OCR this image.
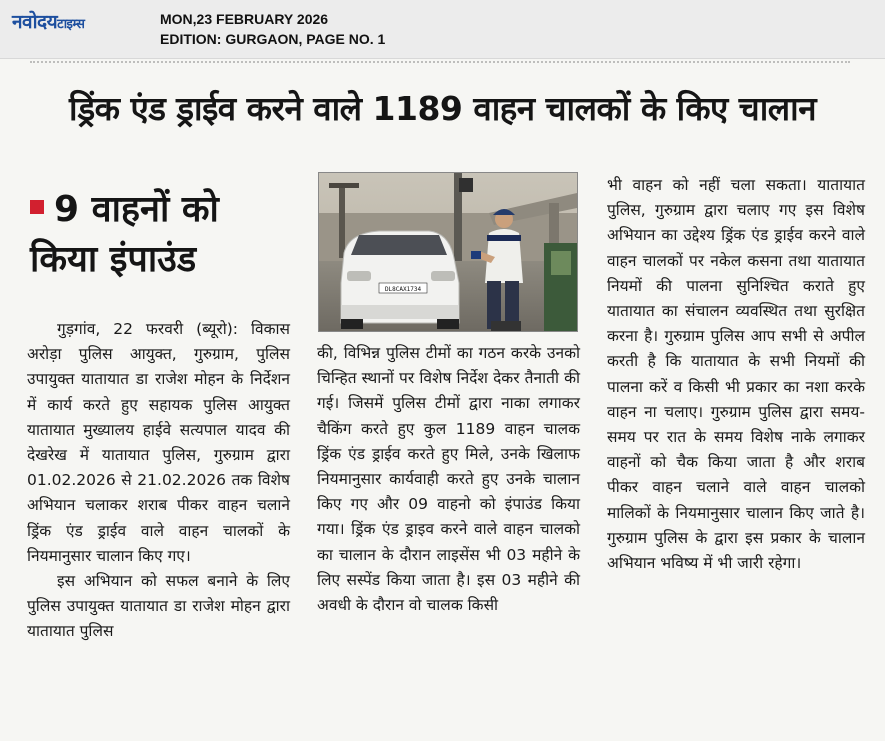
नवोदयटाइम्स	MON,23 FEBRUARY 2026
EDITION: GURGAON, PAGE NO. 1
ड्रिंक एंड ड्राईव करने वाले 1189 वाहन चालकों के किए चालान
9 वाहनों को
किया इंपाउंड

गुड़गांव, 22 फरवरी (ब्यूरो): विकास अरोड़ा पुलिस आयुक्त, गुरुग्राम, पुलिस उपायुक्त यातायात डा राजेश मोहन के निर्देशन में कार्य करते हुए सहायक पुलिस आयुक्त यातायात मुख्यालय हाईवे सत्यपाल यादव की देखरेख में यातायात पुलिस, गुरुग्राम द्वारा 01.02.2026 से 21.02.2026 तक विशेष अभियान चलाकर शराब पीकर वाहन चलाने ड्रिंक एंड ड्राईव वाले वाहन चालकों के नियमानुसार चालान किए गए।

इस अभियान को सफल बनाने के लिए पुलिस उपायुक्त यातायात डा राजेश मोहन द्वारा यातायात पुलिस

DL8CAX1734

की, विभिन्न पुलिस टीमों का गठन करके उनको चिन्हित स्थानों पर विशेष निर्देश देकर तैनाती की गई। जिसमें पुलिस टीमों द्वारा नाका लगाकर चैकिंग करते हुए कुल 1189 वाहन चालक ड्रिंक एंड ड्राईव करते हुए मिले, उनके खिलाफ नियमानुसार कार्यवाही करते हुए उनके चालान किए गए और 09 वाहनो को इंपाउंड किया गया। ड्रिंक एंड ड्राइव करने वाले वाहन चालको का चालान के दौरान लाइसेंस भी 03 महीने के लिए सस्पेंड किया जाता है। इस 03 महीने की अवधी के दौरान वो चालक किसी

भी वाहन को नहीं चला सकता। यातायात पुलिस, गुरुग्राम द्वारा चलाए गए इस विशेष अभियान का उद्देश्य ड्रिंक एंड ड्राईव करने वाले वाहन चालकों पर नकेल कसना तथा यातायात नियमों की पालना सुनिश्चित कराते हुए यातायात का संचालन व्यवस्थित तथा सुरक्षित करना है। गुरुग्राम पुलिस आप सभी से अपील करती है कि यातायात के सभी नियमों की पालना करें व किसी भी प्रकार का नशा करके वाहन ना चलाए। गुरुग्राम पुलिस द्वारा समय-समय पर रात के समय विशेष नाके लगाकर वाहनों को चैक किया जाता है और शराब पीकर वाहन चलाने वाले वाहन चालको मालिकों के नियमानुसार चालान किए जाते है। गुरुग्राम पुलिस के द्वारा इस प्रकार के चालान अभियान भविष्य में भी जारी रहेगा।
